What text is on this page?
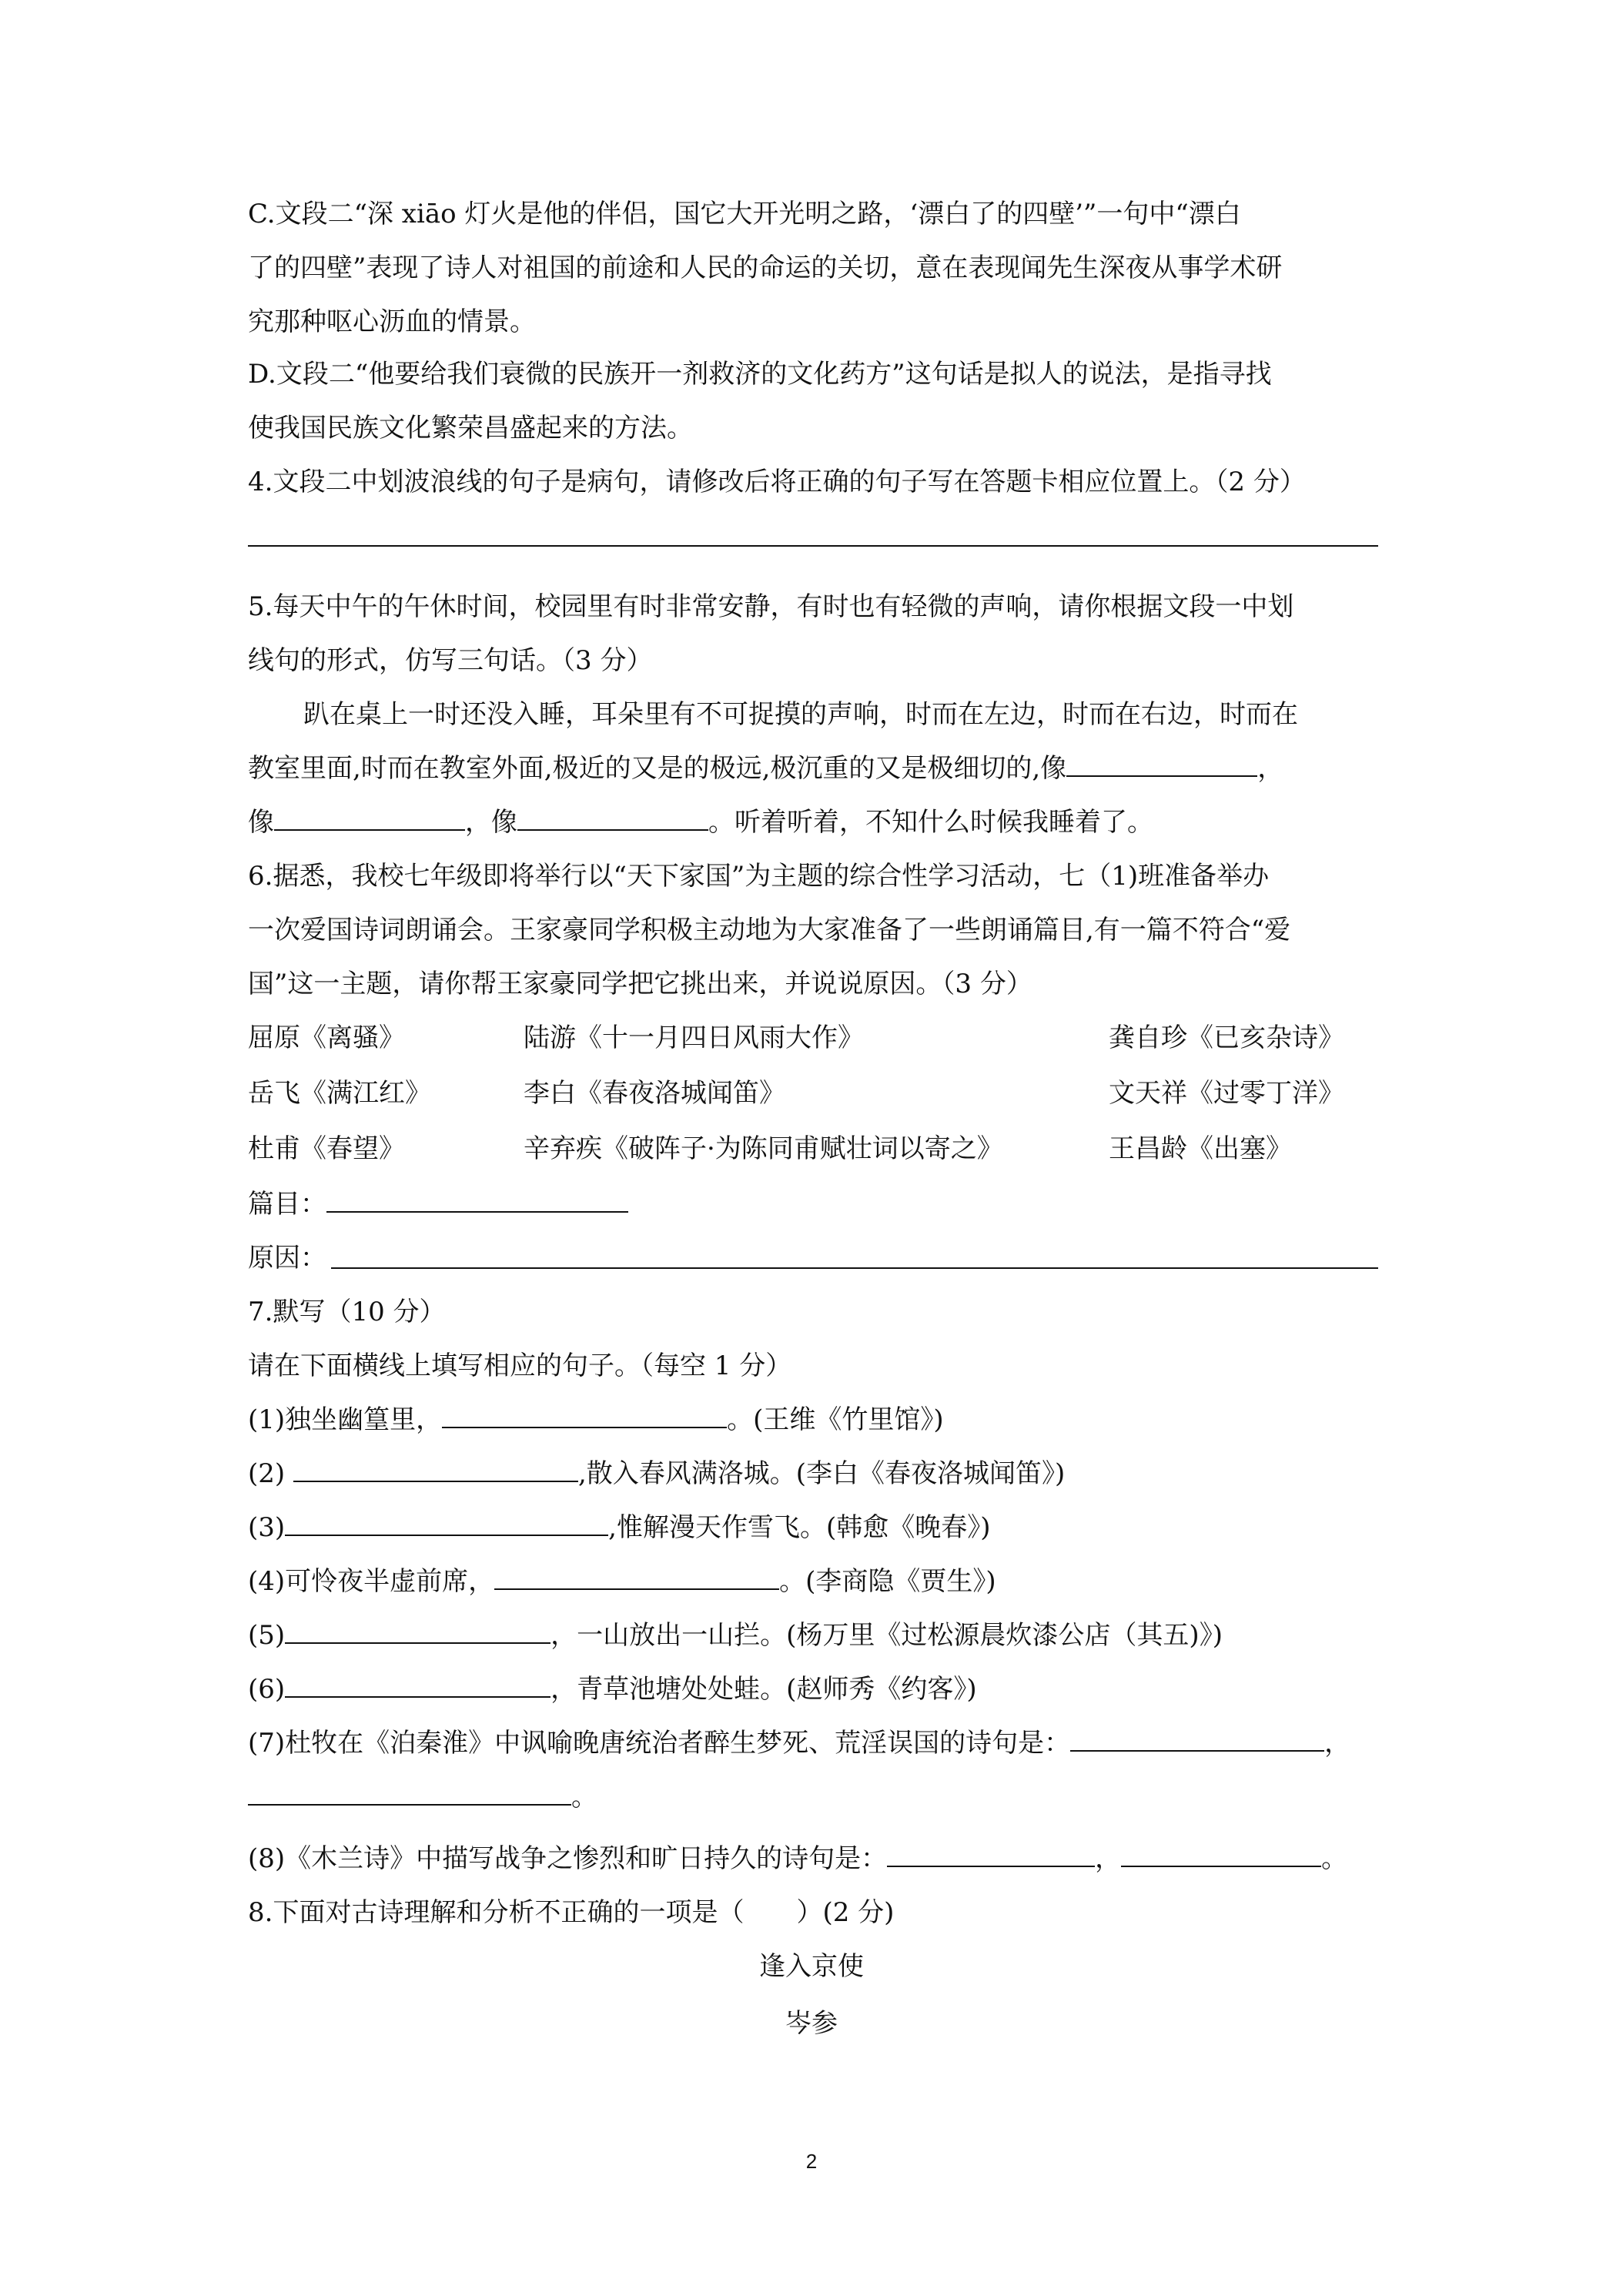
C.文段二“深 xiāo 灯火是他的伴侣，国它大开光明之路，‘漂白了的四壁’”一句中“漂白
了的四壁”表现了诗人对祖国的前途和人民的命运的关切，意在表现闻先生深夜从事学术研
究那种呕心沥血的情景。
D.文段二“他要给我们衰微的民族开一剂救济的文化药方”这句话是拟人的说法，是指寻找
使我国民族文化繁荣昌盛起来的方法。
4.文段二中划波浪线的句子是病句，请修改后将正确的句子写在答题卡相应位置上。（2 分）
5.每天中午的午休时间，校园里有时非常安静，有时也有轻微的声响，请你根据文段一中划
线句的形式，仿写三句话。（3 分）
趴在桌上一时还没入睡，耳朵里有不可捉摸的声响，时而在左边，时而在右边，时而在
教室里面,时而在教室外面,极近的又是的极远,极沉重的又是极细切的,像	，
像	，像	。听着听着，不知什么时候我睡着了。
6.据悉，我校七年级即将举行以“天下家国”为主题的综合性学习活动，七（1)班准备举办
一次爱国诗词朗诵会。王家豪同学积极主动地为大家准备了一些朗诵篇目,有一篇不符合“爱
国”这一主题，请你帮王家豪同学把它挑出来，并说说原因。（3 分）
屈原《离骚》	陆游《十一月四日风雨大作》	龚自珍《已亥杂诗》
岳飞《满江红》	李白《春夜洛城闻笛》	文天祥《过零丁洋》
杜甫《春望》	辛弃疾《破阵子·为陈同甫赋壮词以寄之》	王昌龄《出塞》
篇目：
原因：
7.默写（10 分）
请在下面横线上填写相应的句子。（每空 1 分）
(1)独坐幽篁里，	。(王维《竹里馆》)
(2)	,散入春风满洛城。(李白《春夜洛城闻笛》)
(3)	,惟解漫天作雪飞。(韩愈《晚春》)
(4)可怜夜半虚前席，	。(李商隐《贾生》)
(5)	，一山放出一山拦。(杨万里《过松源晨炊漆公店（其五)》)
(6)	，青草池塘处处蛙。(赵师秀《约客》)
(7)杜牧在《泊秦淮》中讽喻晚唐统治者醉生梦死、荒淫误国的诗句是：	，
。
(8)《木兰诗》中描写战争之惨烈和旷日持久的诗句是：	，	。
8.下面对古诗理解和分析不正确的一项是（　　）(2 分)
逢入京使
岑参
2
